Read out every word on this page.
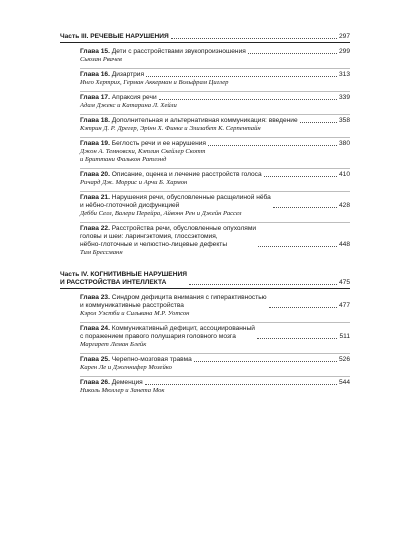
Часть III. РЕЧЕВЫЕ НАРУШЕНИЯ	297
Глава 15. Дети с расстройствами звукопроизношения	299
Сьюзан Рвачев
Глава 16. Дизартрия	313
Инго Хертрих, Герман Аккерман и Вольфрам Циглер
Глава 17. Апраксия речи	339
Адам Джекс и Катарина Л. Хейли
Глава 18. Дополнительная и альтернативная коммуникация: введение	358
Кэтрин Д. Р. Дрегер, Эрінн Х. Финке и Элизабет К. Серпентайн
Глава 19. Беглость речи и ее нарушения	380
Джон А. Темновски, Кэтлин Скейлер Скотт
и Бриттани Фалькон Ратлэнд
Глава 20. Описание, оценка и лечение расстройств голоса	410
Ричард Дж. Моррис и Арчи Б. Хармон
Глава 21. Нарушения речи, обусловленные расщелиной нёба
и нёбно-глоточной дисфункцией	428
Дебби Селл, Валери Перейра, Айвонн Рен и Джейн Рассел
Глава 22. Расстройства речи, обусловленные опухолями
головы и шеи: ларингэктомия, глоссэктомия,
нёбно-глоточные и челюстно-лицевые дефекты	448
Тим Брессманн
Часть IV. КОГНИТИВНЫЕ НАРУШЕНИЯ
И РАССТРОЙСТВА ИНТЕЛЛЕКТА	475
Глава 23. Синдром дефицита внимания с гиперактивностью
и коммуникативные расстройства	477
Кэрол Уэстби и Сильвана М.Р. Уотсон
Глава 24. Коммуникативный дефицит, ассоциированный
с поражением правого полушария головного мозга	511
Маргарет Леман Блейк
Глава 25. Черепно-мозговая травма	526
Карен Ле и Дженнифер Мозейко
Глава 26. Деменция	544
Николь Мюллер и Занета Мок
